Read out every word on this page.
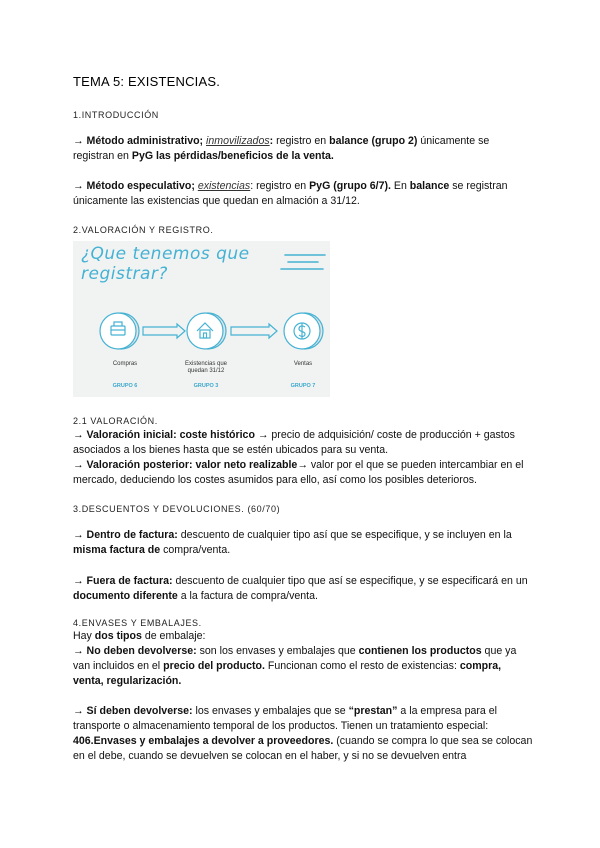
TEMA 5: EXISTENCIAS.
1.INTRODUCCIÓN
→ Método administrativo; inmovilizados: registro en balance (grupo 2) únicamente se registran en PyG las pérdidas/beneficios de la venta.
→ Método especulativo; existencias: registro en PyG (grupo 6/7). En balance se registran únicamente las existencias que quedan en almación a 31/12.
2.VALORACIÓN Y REGISTRO.
¿Que tenemos que registrar?
Compras	Existencias que quedan 31/12
Ventas
GRUPO 6	GRUPO 3	GRUPO 7
2.1 VALORACIÓN.
→ Valoración inicial: coste histórico → precio de adquisición/ coste de producción + gastos asociados a los bienes hasta que se estén ubicados para su venta.
→ Valoración posterior: valor neto realizable→ valor por el que se pueden intercambiar en el mercado, deduciendo los costes asumidos para ello, así como los posibles deterioros.
3.DESCUENTOS Y DEVOLUCIONES. (60/70)
→ Dentro de factura: descuento de cualquier tipo así que se especifique, y se incluyen en la misma factura de compra/venta.
→ Fuera de factura: descuento de cualquier tipo que así se especifique, y se especificará en un documento diferente a la factura de compra/venta.
4.ENVASES Y EMBALAJES.
Hay dos tipos de embalaje:
→ No deben devolverse: son los envases y embalajes que contienen los productos que ya van incluidos en el precio del producto. Funcionan como el resto de existencias: compra, venta, regularización.
→ Sí deben devolverse: los envases y embalajes que se “prestan” a la empresa para el transporte o almacenamiento temporal de los productos. Tienen un tratamiento especial: 406.Envases y embalajes a devolver a proveedores. (cuando se compra lo que sea se colocan en el debe, cuando se devuelven se colocan en el haber, y si no se devuelven entra
